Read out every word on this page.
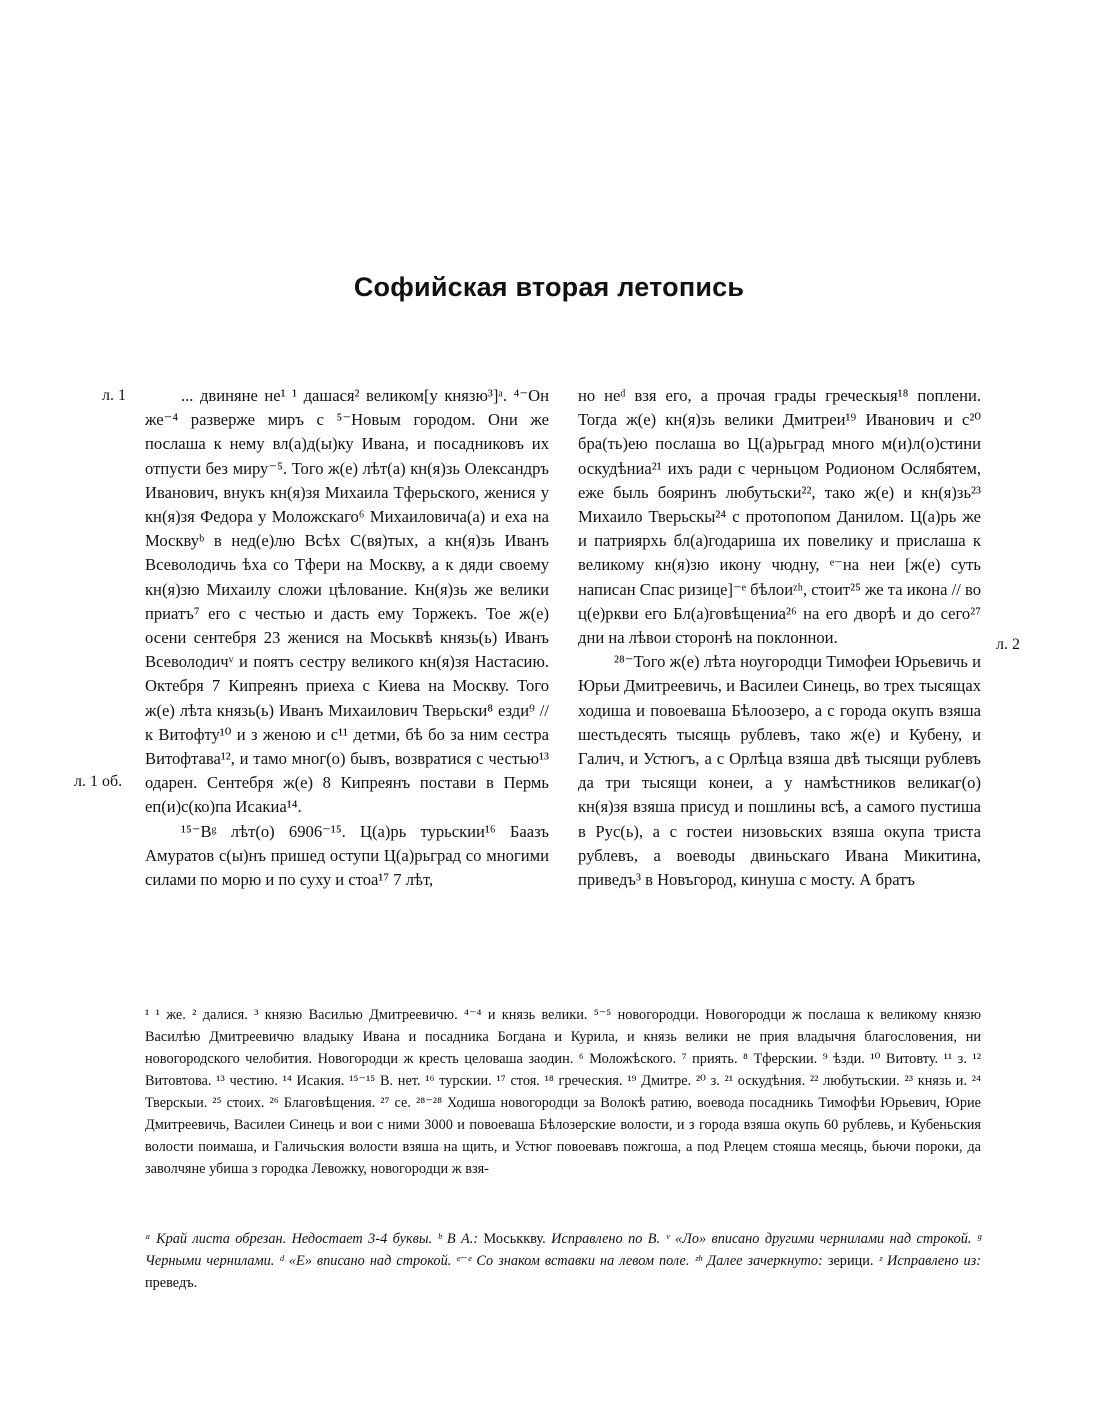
Софийская вторая летопись
л. 1
л. 1 об.
л. 2

... двиняне не¹ ¹ дашася² великом[у князю³]ᵃ. ⁴⁻Он же⁻⁴ разверже миръ с ⁵⁻Новым городом. Они же послаша к нему вл(а)д(ы)ку Ивана, и посадниковъ их отпусти без миру⁻⁵. Того ж(е) лѣт(а) кн(я)зь Олександръ Иванович, внукъ кн(я)зя Михаила Тферьского, женися у кн(я)зя Федора у Моложскаго⁶ Михаиловича(а) и еха на Москвуᵇ в нед(е)лю Всѣх С(вя)тых, а кн(я)зь Иванъ Всеволодичь ѣха со Тфери на Москву, а к дяди своему кн(я)зю Михаилу сложи цѣлование. Кн(я)зь же велики приатъ⁷ его с честью и дасть ему Торжекъ. Тое ж(е) осени сентебря 23 женися на Моськвѣ князь(ь) Иванъ Всеволодичᵛ и поятъ сестру великого кн(я)зя Настасию. Октебря 7 Кипреянъ приеха с Киева на Москву. Того ж(е) лѣта князь(ь) Иванъ Михаилович Тверьски⁸ езди⁹ // к Витофту¹⁰ и з женою и с¹¹ детми, бѣ бо за ним сестра Витофтава¹², и тамо мног(о) бывъ, возвратися с честью¹³ одарен. Сентебря ж(е) 8 Кипреянъ постави в Пермь еп(и)с(ко)па Исакиа¹⁴.

¹⁵⁻Вᵍ лѣт(о) 6906⁻¹⁵. Ц(а)рь турьскии¹⁶ Баазъ Амуратов с(ы)нъ пришед оступи Ц(а)рьград со многими силами по морю и по суху и стоа¹⁷ 7 лѣт,

но неᵈ взя его, а прочая грады греческыя¹⁸ поплени. Тогда ж(е) кн(я)зь велики Дмитреи¹⁹ Иванович и с²⁰ бра(ть)ею послаша во Ц(а)рьград много м(и)л(о)стини оскудѣниа²¹ ихъ ради с черньцом Родионом Ослябятем, еже быль бояринъ любутьски²², тако ж(е) и кн(я)зь²³ Михаило Тверьскы²⁴ с протопопом Данилом. Ц(а)рь же и патриярхь бл(а)годариша их повелику и прислаша к великому кн(я)зю икону чюдну, ᵉ⁻на неи [ж(е) суть написан Спас ризице]⁻ᵉ бѣлоиᶻʰ, стоит²⁵ же та икона // во ц(е)ркви его Бл(а)говѣщениа²⁶ на его дворѣ и до сего²⁷ дни на лѣвои сторонѣ на поклоннои.

²⁸⁻Того ж(е) лѣта ноугородци Тимофеи Юрьевичь и Юрьи Дмитреевичь, и Василеи Синець, во трех тысящах ходиша и повоеваша Бѣлоозеро, а с города окупъ взяша шестьдесять тысящь рублевъ, тако ж(е) и Кубену, и Галич, и Устюгъ, а с Орлѣца взяша двѣ тысящи рублевъ да три тысящи конеи, а у намѣстников великаг(о) кн(я)зя взяша присуд и пошлины всѣ, а самого пустиша в Рус(ь), а с гостеи низовьских взяша окупа триста рублевъ, а воеводы двиньскаго Ивана Микитина, приведъ³ в Новъгород, кинуша с мосту. А братъ

¹ ¹ же. ² далися. ³ князю Василью Дмитреевичю. ⁴⁻⁴ и князь велики. ⁵⁻⁵ новогородци. Новогородци ж послаша к великому князю Василѣю Дмитреевичю владыку Ивана и посадника Богдана и Курила, и князь велики не прия владычня благословения, ни новогородского челобития. Новогородци ж кресть целоваша заодин. ⁶ Моложѣского. ⁷ приять. ⁸ Тферскии. ⁹ ѣзди. ¹⁰ Витовту. ¹¹ з. ¹² Витовтова. ¹³ честию. ¹⁴ Исакия. ¹⁵⁻¹⁵ В. нет. ¹⁶ турскии. ¹⁷ стоя. ¹⁸ греческия. ¹⁹ Дмитре. ²⁰ з. ²¹ оскудѣния. ²² любутьскии. ²³ князь и. ²⁴ Тверскыи. ²⁵ стоих. ²⁶ Благовѣщения. ²⁷ се. ²⁸⁻²⁸ Ходиша новогородци за Волокѣ ратию, воевода посадникь Тимофѣи Юрьевич, Юрие Дмитреевичь, Василеи Синець и вои с ними 3000 и повоеваша Бѣлозерские волости, и з города взяша окупь 60 рублевь, и Кубеньския волости поимаша, и Галичьския волости взяша на щить, и Устюг повоевавъ пожгоша, а под Рлецем стояша месяць, бьючи пороки, да заволчяне убиша з городка Левожку, новогородци ж взя-
ᵃ Край листа обрезан. Недостает 3-4 буквы. ᵇ В А.: Моськкву. Исправлено по В. ᵛ «Ло» вписано другими чернилами над строкой. ᵍ Черными чернилами. ᵈ «Е» вписано над строкой. ᵉ⁻ᵉ Со знаком вставки на левом поле. ᶻʰ Далее зачеркнуто: зерици. ᶻ Исправлено из: преведъ.
